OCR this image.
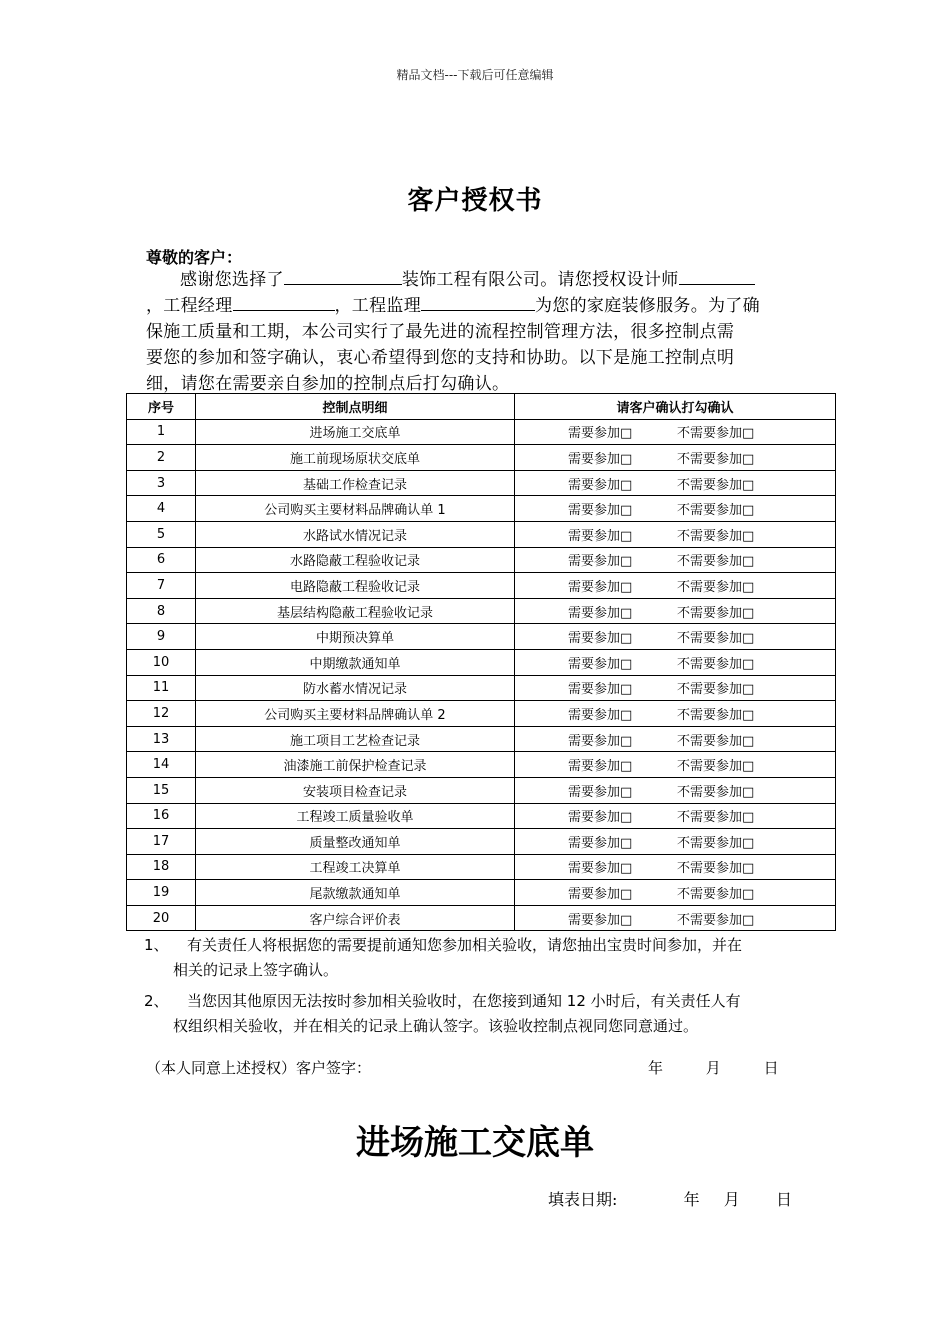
精品文档---下载后可任意编辑
客户授权书
尊敬的客户：
感谢您选择了	装饰工程有限公司。请您授权设计师
，工程经理	，工程监理	为您的家庭装修服务。为了确
保施工质量和工期，本公司实行了最先进的流程控制管理方法，很多控制点需
要您的参加和签字确认，衷心希望得到您的支持和协助。以下是施工控制点明
细，请您在需要亲自参加的控制点后打勾确认。
序号	控制点明细	请客户确认打勾确认
1	进场施工交底单	需要参加□ 不需要参加□
2	施工前现场原状交底单	需要参加□ 不需要参加□
3	基础工作检查记录	需要参加□ 不需要参加□
4	公司购买主要材料品牌确认单 1	需要参加□ 不需要参加□
5	水路试水情况记录	需要参加□ 不需要参加□
6	水路隐蔽工程验收记录	需要参加□ 不需要参加□
7	电路隐蔽工程验收记录	需要参加□ 不需要参加□
8	基层结构隐蔽工程验收记录	需要参加□ 不需要参加□
9	中期预决算单	需要参加□ 不需要参加□
10	中期缴款通知单	需要参加□ 不需要参加□
11	防水蓄水情况记录	需要参加□ 不需要参加□
12	公司购买主要材料品牌确认单 2	需要参加□ 不需要参加□
13	施工项目工艺检查记录	需要参加□ 不需要参加□
14	油漆施工前保护检查记录	需要参加□ 不需要参加□
15	安装项目检查记录	需要参加□ 不需要参加□
16	工程竣工质量验收单	需要参加□ 不需要参加□
17	质量整改通知单	需要参加□ 不需要参加□
18	工程竣工决算单	需要参加□ 不需要参加□
19	尾款缴款通知单	需要参加□ 不需要参加□
20	客户综合评价表	需要参加□ 不需要参加□
1、 有关责任人将根据您的需要提前通知您参加相关验收，请您抽出宝贵时间参加，并在
相关的记录上签字确认。
2、 当您因其他原因无法按时参加相关验收时，在您接到通知 12 小时后，有关责任人有
权组织相关验收，并在相关的记录上确认签字。该验收控制点视同您同意通过。
（本人同意上述授权）客户签字：	年	月	日
进场施工交底单
填表日期:	年 月 日
